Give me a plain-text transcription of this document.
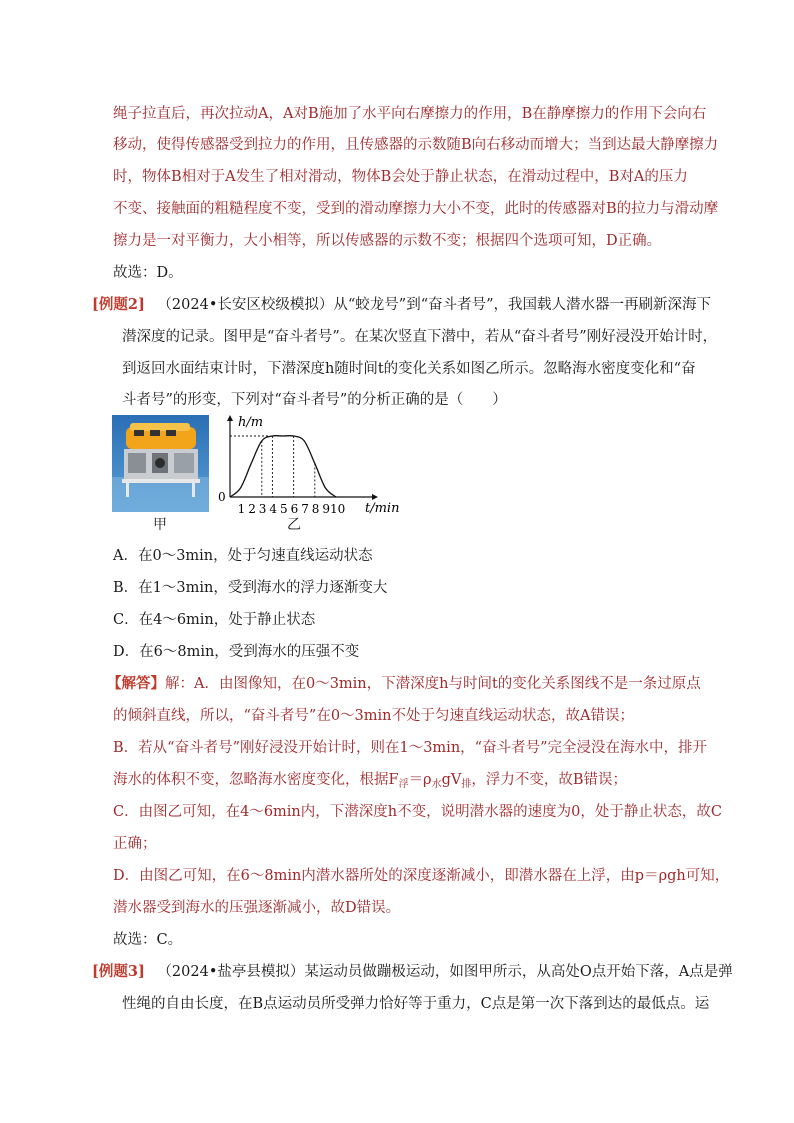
绳子拉直后，再次拉动A，A对B施加了水平向右摩擦力的作用，B在静摩擦力的作用下会向右
移动，使得传感器受到拉力的作用，且传感器的示数随B向右移动而增大；当到达最大静摩擦力
时，物体B相对于A发生了相对滑动，物体B会处于静止状态，在滑动过程中，B对A的压力
不变、接触面的粗糙程度不变，受到的滑动摩擦力大小不变，此时的传感器对B的拉力与滑动摩
擦力是一对平衡力，大小相等，所以传感器的示数不变；根据四个选项可知，D正确。
故选：D。
[例题2] （2024•长安区校级模拟）从“蛟龙号”到“奋斗者号”，我国载人潜水器一再刷新深海下
潜深度的记录。图甲是“奋斗者号”。在某次竖直下潜中，若从“奋斗者号”刚好浸没开始计时，
到返回水面结束计时，下潜深度h随时间t的变化关系如图乙所示。忽略海水密度变化和“奋
斗者号”的形变，下列对“奋斗者号”的分析正确的是（　　）
甲
h/m
t/min
0
1 2 3 4 5 6 7 8 9 10
乙
A．在0～3min，处于匀速直线运动状态
B．在1～3min，受到海水的浮力逐渐变大
C．在4～6min，处于静止状态
D．在6～8min，受到海水的压强不变
【解答】解：A．由图像知，在0～3min，下潜深度h与时间t的变化关系图线不是一条过原点
的倾斜直线，所以，“奋斗者号”在0～3min不处于匀速直线运动状态，故A错误；
B．若从“奋斗者号”刚好浸没开始计时，则在1～3min，“奋斗者号”完全浸没在海水中，排开
海水的体积不变，忽略海水密度变化，根据$F_浮=\rho_水gV_排$，浮力不变，故B错误；
C．由图乙可知，在4～6min内，下潜深度h不变，说明潜水器的速度为0，处于静止状态，故C
正确；
D．由图乙可知，在6～8min内潜水器所处的深度逐渐减小，即潜水器在上浮，由p＝ρgh可知，
潜水器受到海水的压强逐渐减小，故D错误。
故选：C。
[例题3] （2024•盐亭县模拟）某运动员做蹦极运动，如图甲所示，从高处O点开始下落，A点是弹
性绳的自由长度，在B点运动员所受弹力恰好等于重力，C点是第一次下落到达的最低点。运
